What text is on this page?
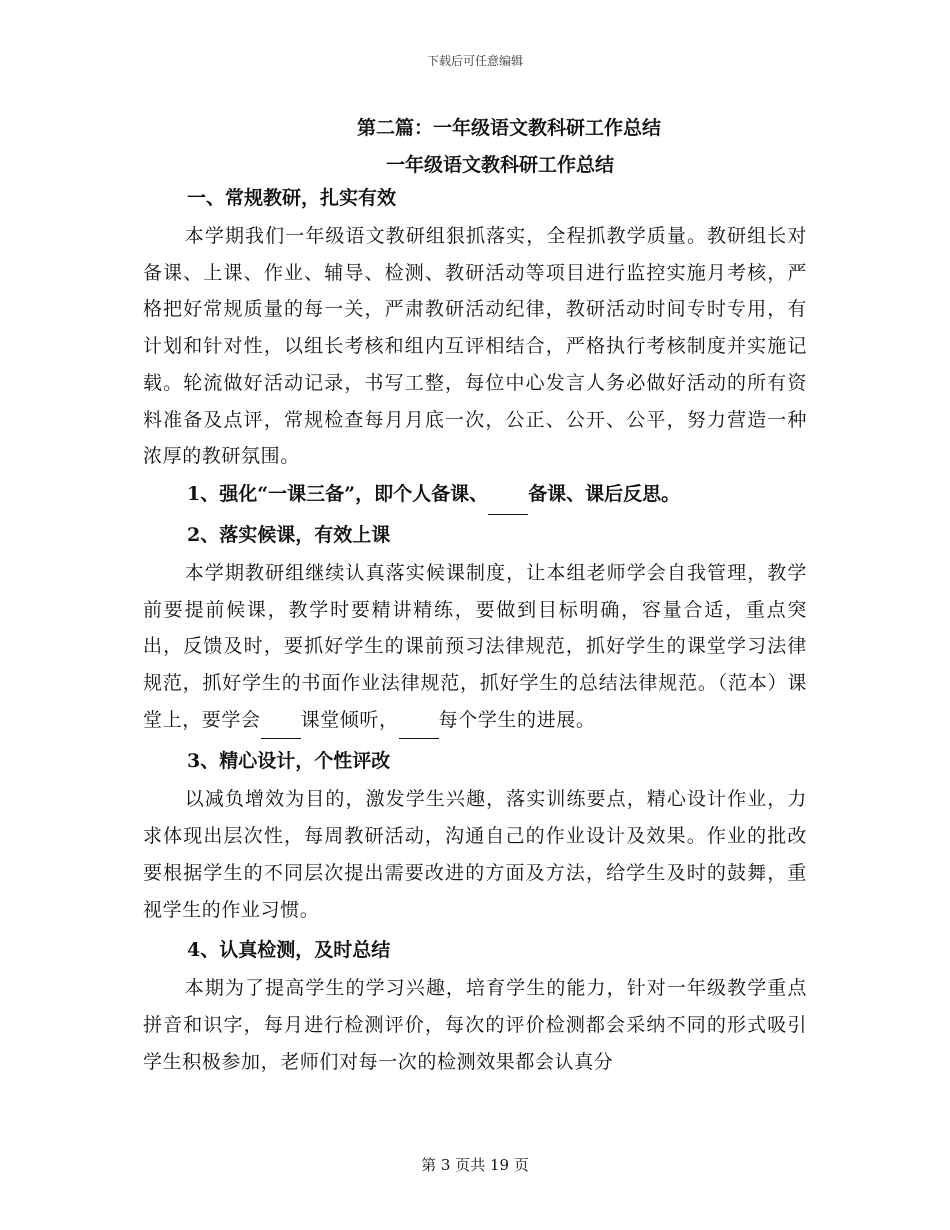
下载后可任意编辑
第二篇：一年级语文教科研工作总结
一年级语文教科研工作总结

一、常规教研，扎实有效

本学期我们一年级语文教研组狠抓落实，全程抓教学质量。教研组长对备课、上课、作业、辅导、检测、教研活动等项目进行监控实施月考核，严格把好常规质量的每一关，严肃教研活动纪律，教研活动时间专时专用，有计划和针对性，以组长考核和组内互评相结合，严格执行考核制度并实施记载。轮流做好活动记录，书写工整，每位中心发言人务必做好活动的所有资料准备及点评，常规检查每月月底一次，公正、公开、公平，努力营造一种浓厚的教研氛围。

1、强化“一课三备”，即个人备课、 备课、课后反思。

2、落实候课，有效上课

本学期教研组继续认真落实候课制度，让本组老师学会自我管理，教学前要提前候课，教学时要精讲精练，要做到目标明确，容量合适，重点突出，反馈及时，要抓好学生的课前预习法律规范，抓好学生的课堂学习法律规范，抓好学生的书面作业法律规范，抓好学生的总结法律规范。（范本）课堂上，要学会 课堂倾听， 每个学生的进展。

3、精心设计，个性评改

以减负增效为目的，激发学生兴趣，落实训练要点，精心设计作业，力求体现出层次性，每周教研活动，沟通自己的作业设计及效果。作业的批改要根据学生的不同层次提出需要改进的方面及方法，给学生及时的鼓舞，重视学生的作业习惯。

4、认真检测，及时总结

本期为了提高学生的学习兴趣，培育学生的能力，针对一年级教学重点拼音和识字，每月进行检测评价，每次的评价检测都会采纳不同的形式吸引学生积极参加，老师们对每一次的检测效果都会认真分

第 3 页共 19 页
